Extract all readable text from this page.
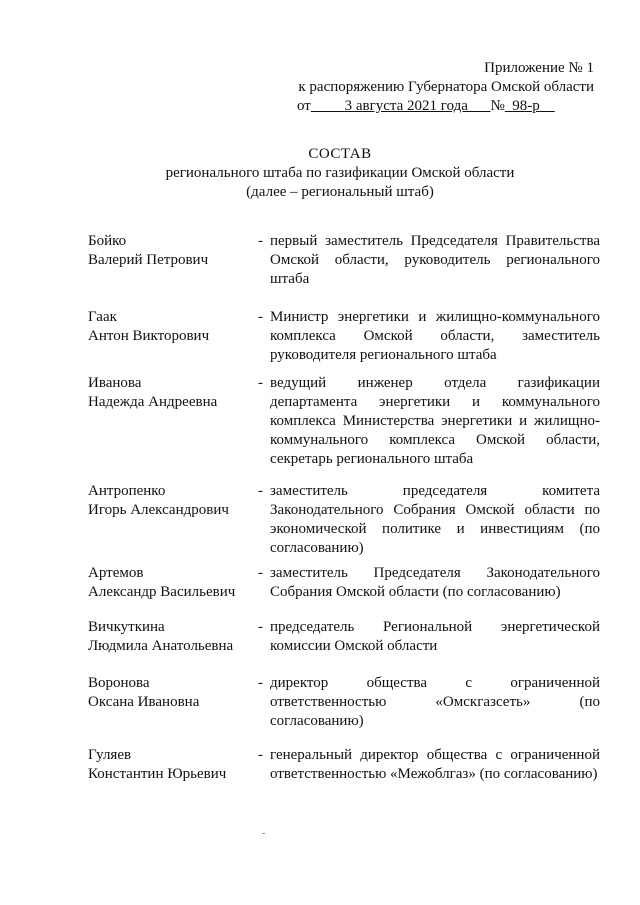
Приложение № 1
к распоряжению Губернатора Омской области
от 3 августа 2021 года № 98-р
СОСТАВ
регионального штаба по газификации Омской области
(далее – региональный штаб)
Бойко
Валерий Петрович
- первый заместитель Председателя Правительства Омской области, руководитель регионального штаба
Гаак
Антон Викторович
- Министр энергетики и жилищно-коммунального комплекса Омской области, заместитель руководителя регионального штаба
Иванова
Надежда Андреевна
- ведущий инженер отдела газификации департамента энергетики и коммунального комплекса Министерства энергетики и жилищно-коммунального комплекса Омской области, секретарь регионального штаба
Антропенко
Игорь Александрович
- заместитель председателя комитета Законодательного Собрания Омской области по экономической политике и инвестициям (по согласованию)
Артемов
Александр Васильевич
- заместитель Председателя Законодательного Собрания Омской области (по согласованию)
Вичкуткина
Людмила Анатольевна
- председатель Региональной энергетической комиссии Омской области
Воронова
Оксана Ивановна
- директор общества с ограниченной ответственностью «Омскгазсеть» (по согласованию)
Гуляев
Константин Юрьевич
- генеральный директор общества с ограниченной ответственностью «Межоблгаз» (по согласованию)
